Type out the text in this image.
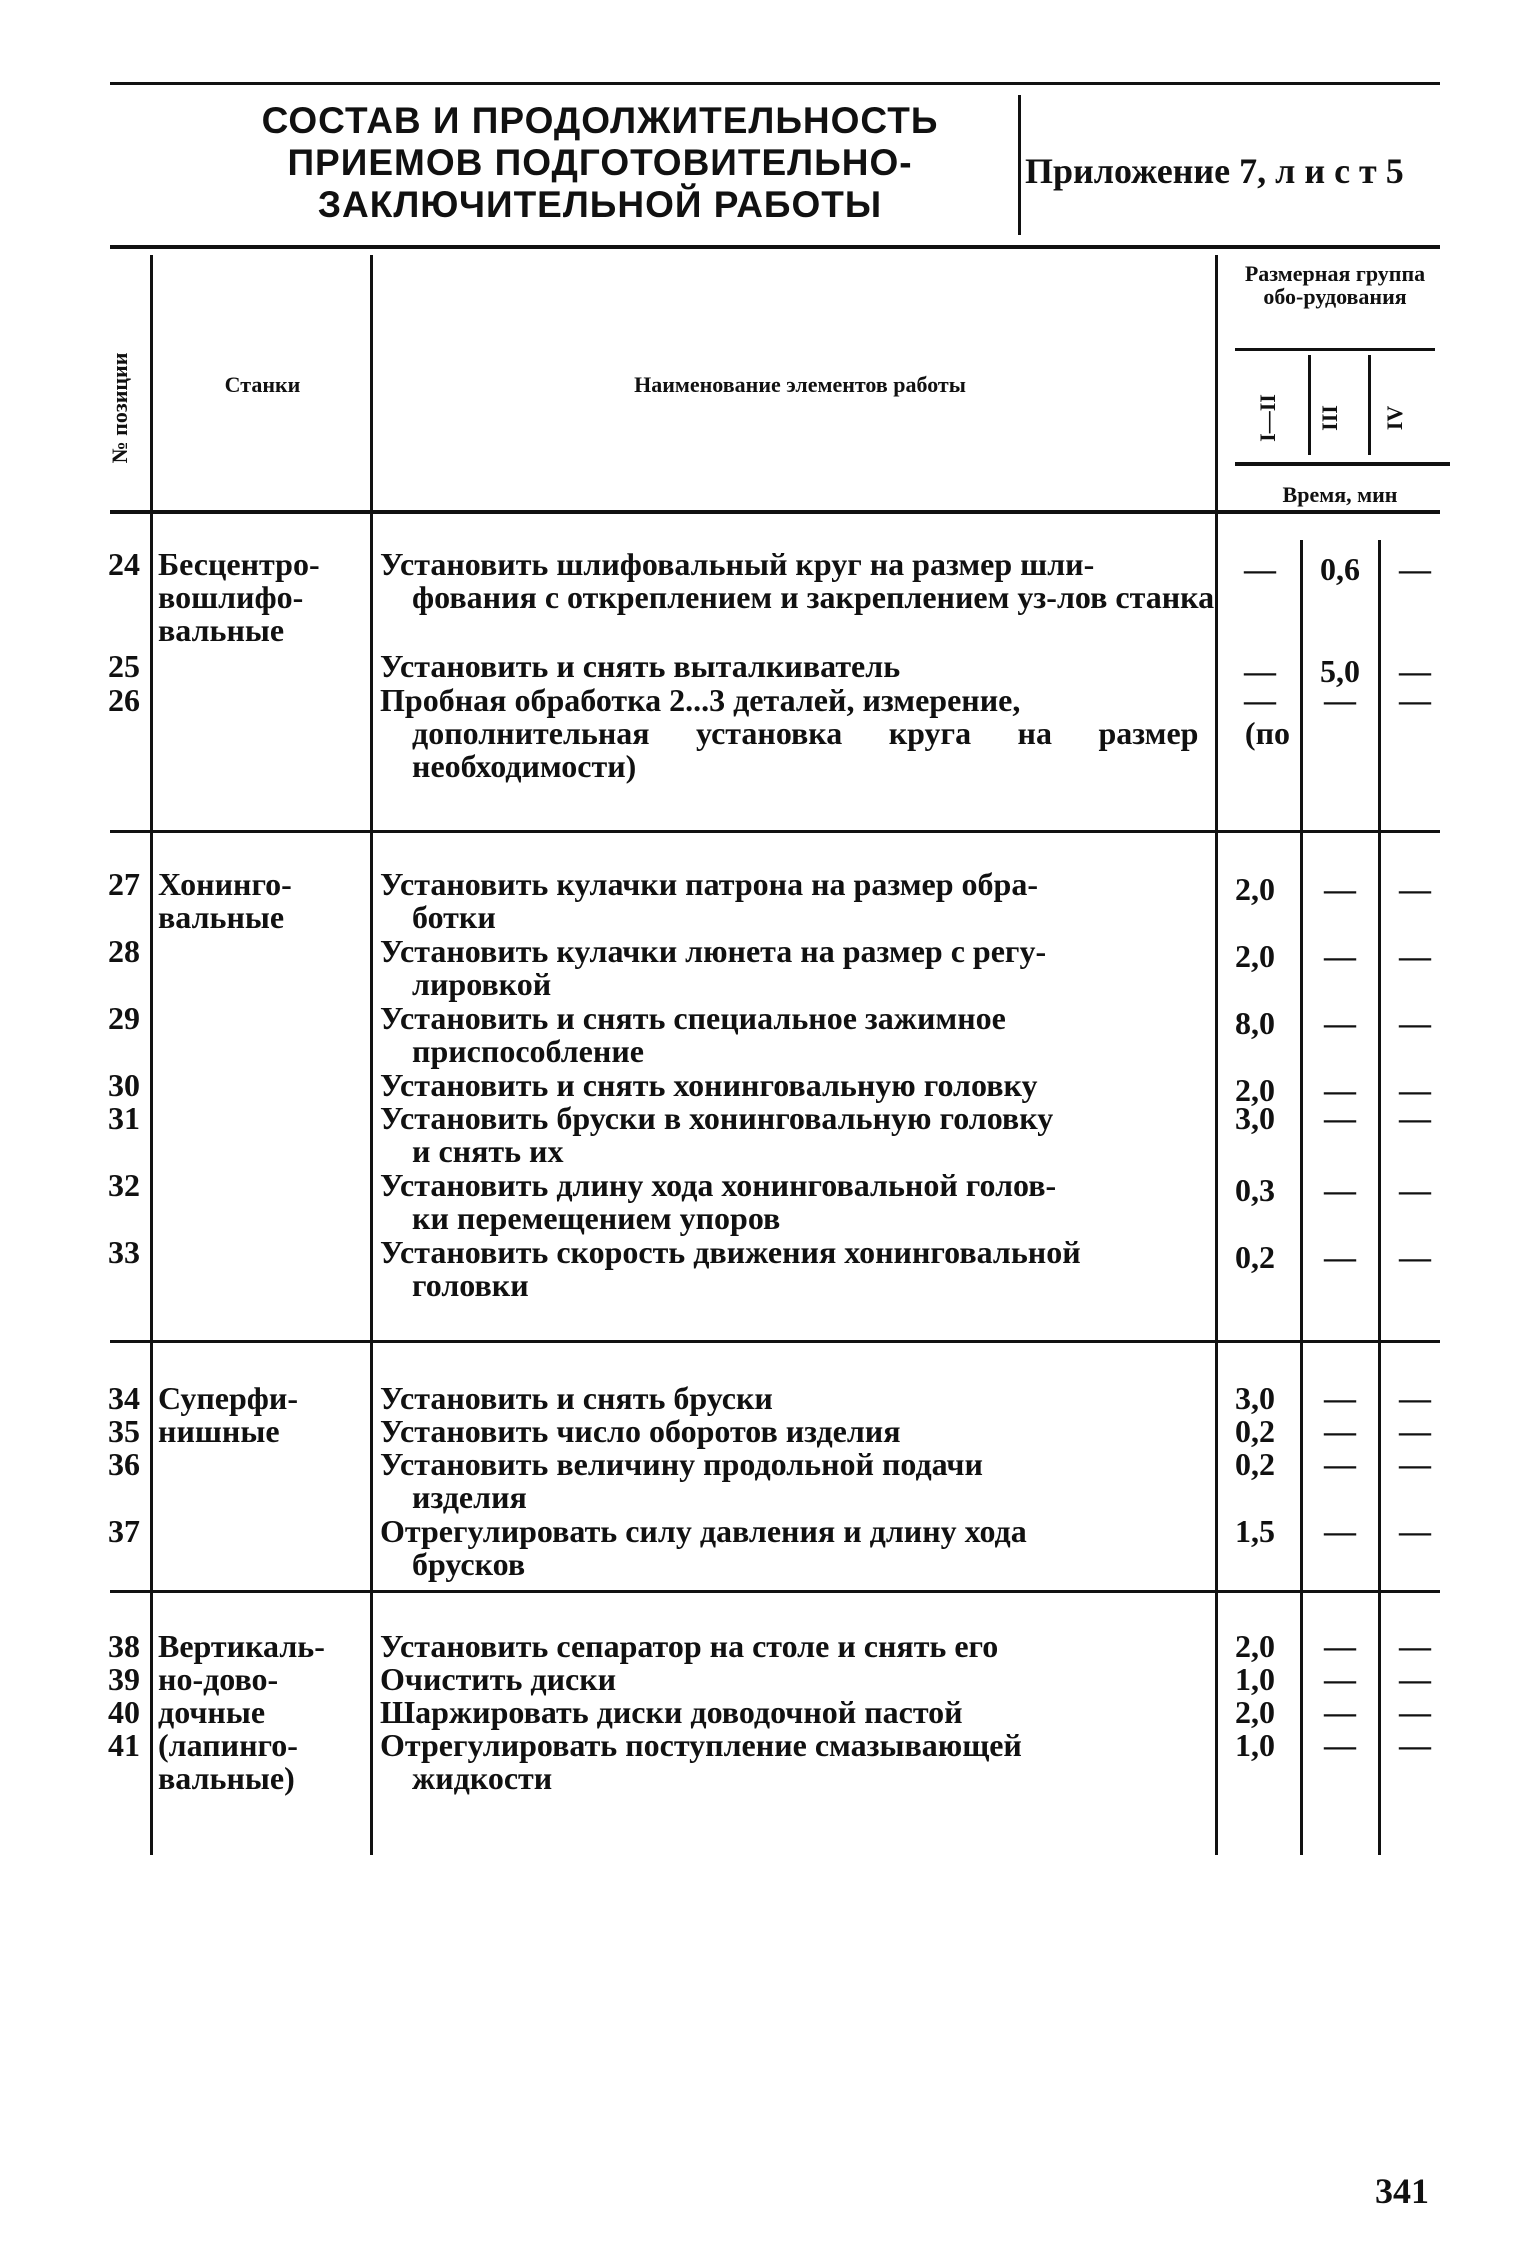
СОСТАВ И ПРОДОЛЖИТЕЛЬНОСТЬ
ПРИЕМОВ ПОДГОТОВИТЕЛЬНО-
ЗАКЛЮЧИТЕЛЬНОЙ РАБОТЫ
Приложение 7, л и с т 5
№ позиции	Станки	Наименование элементов работы
Размерная группа обо-рудования
I—II III IV
Время, мин
Бесцентро-вошлифо-вальные
24	Установить шлифовальный круг на размер шли-
фования с откреплением и закреплением уз-лов станка
—	0,6	—
25	Установить и снять выталкиватель	—	5,0	—
26	Пробная обработка 2...3 деталей, измерение,
дополнительная установка круга на размер (по необходимости)
—	—	—
Хонинго-вальные
27	Установить кулачки патрона на размер обра-
ботки
2,0	—	—
28	Установить кулачки люнета на размер с регу-
лировкой
2,0	—	—
29	Установить и снять специальное зажимное
приспособление
8,0	—	—
30	Установить и снять хонинговальную головку	2,0	—	—
31	Установить бруски в хонинговальную головку
и снять их
3,0	—	—
32	Установить длину хода хонинговальной голов-
ки перемещением упоров
0,3	—	—
33	Установить скорость движения хонинговальной
головки
0,2	—	—
Суперфи-нишные
34	Установить и снять бруски	3,0	—	—
35	Установить число оборотов изделия	0,2	—	—
36	Установить величину продольной подачи
изделия
0,2	—	—
37	Отрегулировать силу давления и длину хода
брусков
1,5	—	—
Вертикаль-но-дово-дочные (лапинго-вальные)
38	Установить сепаратор на столе и снять его	2,0	—	—
39	Очистить диски	1,0	—	—
40	Шаржировать диски доводочной пастой	2,0	—	—
41	Отрегулировать поступление смазывающей
жидкости
1,0	—	—
341
